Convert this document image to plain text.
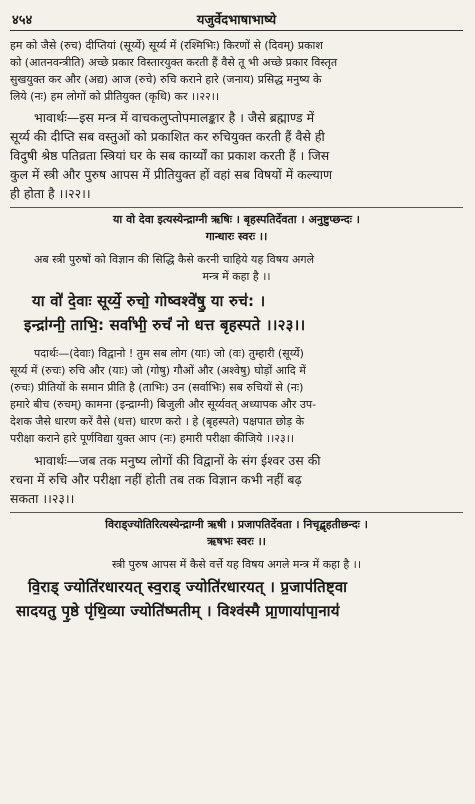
४५४	यजुर्वेदभाषाभाष्ये

हम को जैसे (रुच) दीप्तियां (सूर्य्ये) सूर्य्य में (रश्मिभिः) किरणों से (दिवम्) प्रकाश

को (आतनवन्त्रीति) अच्छे प्रकार विस्तारयुक्त करती हैं वैसे तू भी अच्छे प्रकार विस्तृत

सुखयुक्त कर और (अद्य) आज (रुचे) रुचि कराने हारे (जनाय) प्रसिद्ध मनुष्य के

लिये (नः) हम लोगों को प्रीतियुक्त (कृधि) कर ।।२२।।

भावार्थः—इस मन्त्र में वाचकलुप्तोपमालङ्कार है । जैसे ब्रह्माण्ड में

सूर्य्य की दीप्ति सब वस्तुओं को प्रकाशित कर रुचियुक्त करती हैं वैसे ही

विदुषी श्रेष्ठ पतिव्रता स्त्रियां घर के सब कार्य्यों का प्रकाश करती हैं । जिस

कुल में स्त्री और पुरुष आपस में प्रीतियुक्त हों वहां सब विषयों में कल्याण

ही होता है ।।२२।।

या वो देवा इत्यस्येन्द्राग्नी ऋषिः । बृहस्पतिर्देवता । अनुष्टुप्छन्दः ।

गान्धारः स्वरः ।।

अब स्त्री पुरुषों को विज्ञान की सिद्धि कैसे करनी चाहिये यह विषय अगले

मन्त्र में कहा है ।।

या वो॑ दे॒वाः सूर्य्ये॒ रुचो॒ गोष्वश्वे॑षु॒ या रुच॑: ।

इन्द्रा॑ग्नी॒ ताभि॒: सर्वा॑भी॒ रुचं॑ नो धत्त बृहस्पते ।।२३।।

पदार्थः—(देवाः) विद्वानो ! तुम सब लोग (याः) जो (वः) तुम्हारी (सूर्य्ये)

सूर्य्य में (रुचः) रुचि और (याः) जो (गोषु) गौओं और (अश्वेषु) घोड़ों आदि में

(रुचः) प्रीतियों के समान प्रीति है (ताभिः) उन (सर्वाभिः) सब रुचियों से (नः)

हमारे बीच (रुचम्) कामना (इन्द्राग्नी) बिजुली और सूर्य्यवत् अध्यापक और उप-

देशक जैसे धारण करें वैसे (धत्त) धारण करो । हे (बृहस्पते) पक्षपात छोड़ के

परीक्षा कराने हारे पूर्णविद्या युक्त आप (नः) हमारी परीक्षा कीजिये ।।२३।।

भावार्थः—जब तक मनुष्य लोगों की विद्वानों के संग ईश्वर उस की

रचना में रुचि और परीक्षा नहीं होती तब तक विज्ञान कभी नहीं बढ़

सकता ।।२३।।

विराड्ज्योतिरित्यस्येन्द्राग्नी ऋषी । प्रजापतिर्देवता । निचृद्बृहतीछन्दः ।

ऋषभः स्वरः ।।

स्त्री पुरुष आपस में कैसे वर्त्ते यह विषय अगले मन्त्र में कहा है ।।

वि॒राड् ज्योति॑रधारयत् स्व॒राड् ज्योति॑रधारयत् । प्र॒जाप॑तिष्ट्वा

सादयतु पृ॒ष्ठे पृ॑थि॒व्या ज्योति॑ष्मतीम् । विश्व॑स्मै प्रा॒णाया॑पा॒नाय॑
